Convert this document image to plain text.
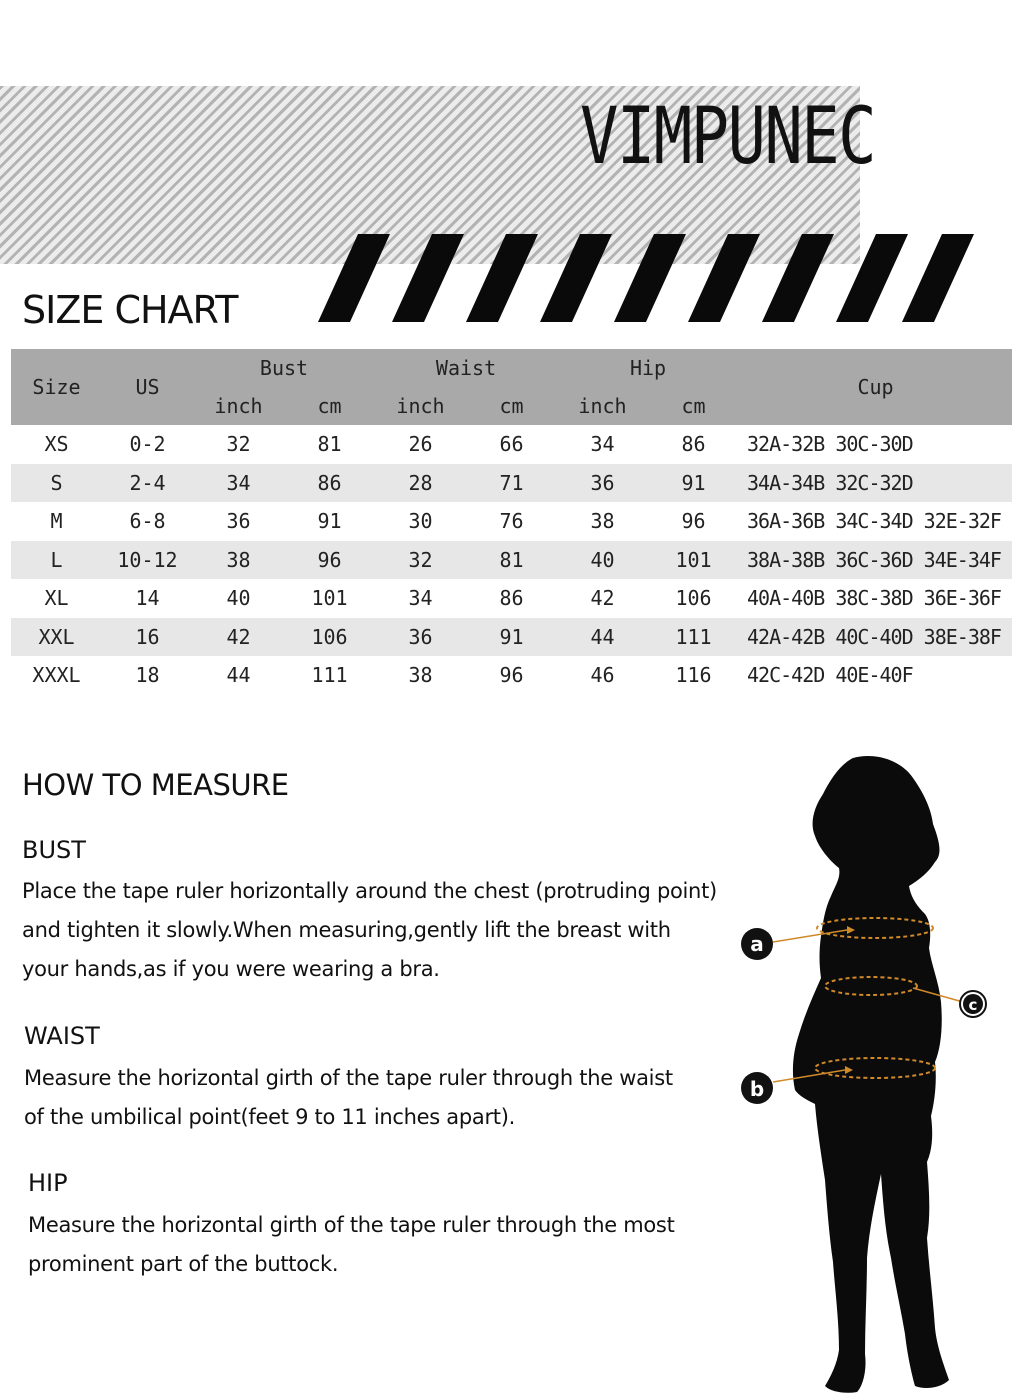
VIMPUNEC
SIZE CHART
Size	US	Bust		Waist		Hip		Cup
		inch	cm	inch	cm	inch	cm	
XS	0-2	32	81	26	66	34	86	32A-32B 30C-30D
S	2-4	34	86	28	71	36	91	34A-34B 32C-32D
M	6-8	36	91	30	76	38	96	36A-36B 34C-34D 32E-32F
L	10-12	38	96	32	81	40	101	38A-38B 36C-36D 34E-34F
XL	14	40	101	34	86	42	106	40A-40B 38C-38D 36E-36F
XXL	16	42	106	36	91	44	111	42A-42B 40C-40D 38E-38F
XXXL	18	44	111	38	96	46	116	42C-42D 40E-40F
HOW TO MEASURE
BUST
Place the tape ruler horizontally around the chest (protruding point)
and tighten it slowly.When measuring,gently lift the breast with
your hands,as if you were wearing a bra.
WAIST
Measure the horizontal girth of the tape ruler through the waist
of the umbilical point(feet 9 to 11 inches apart).
HIP
Measure the horizontal girth of the tape ruler through the most
prominent part of the buttock.
a
c
b
